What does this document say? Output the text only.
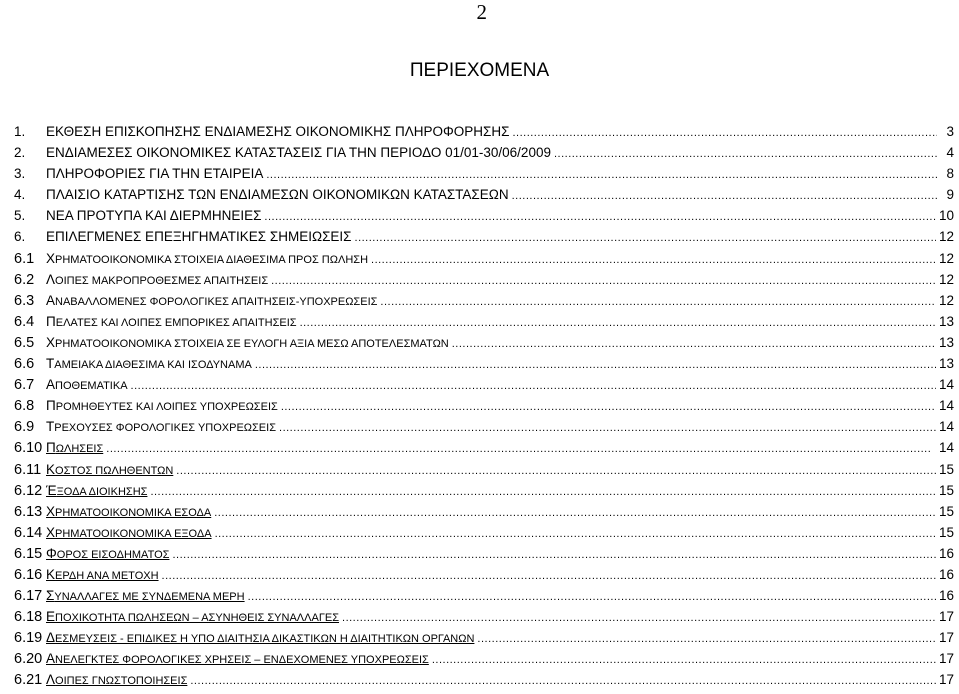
2
ΠΕΡΙΕΧΟΜΕΝΑ
1.	ΕΚΘΕΣΗ ΕΠΙΣΚΟΠΗΣΗΣ ΕΝΔΙΑΜΕΣΗΣ ΟΙΚΟΝΟΜΙΚΗΣ ΠΛΗΡΟΦΟΡΗΣΗΣ .....	3
2.	ΕΝΔΙΑΜΕΣΕΣ ΟΙΚΟΝΟΜΙΚΕΣ ΚΑΤΑΣΤΑΣΕΙΣ ΓΙΑ ΤΗΝ ΠΕΡΙΟΔΟ 01/01-30/06/2009 .....	4
3.	ΠΛΗΡΟΦΟΡΙΕΣ ΓΙΑ ΤΗΝ ΕΤΑΙΡΕΙΑ .....	8
4.	ΠΛΑΙΣΙΟ ΚΑΤΑΡΤΙΣΗΣ ΤΩΝ ΕΝΔΙΑΜΕΣΩΝ ΟΙΚΟΝΟΜΙΚΩΝ ΚΑΤΑΣΤΑΣΕΩΝ .....	9
5.	ΝΕΑ ΠΡΟΤΥΠΑ ΚΑΙ ΔΙΕΡΜΗΝΕΙΕΣ .....	10
6.	ΕΠΙΛΕΓΜΕΝΕΣ ΕΠΕΞΗΓΗΜΑΤΙΚΕΣ ΣΗΜΕΙΩΣΕΙΣ .....	12
6.1	ΧΡΗΜΑΤΟΟΙΚΟΝΟΜΙΚΑ ΣΤΟΙΧΕΙΑ ΔΙΑΘΕΣΙΜΑ ΠΡΟΣ ΠΩΛΗΣΗ .....	12
6.2	ΛΟΙΠΕΣ ΜΑΚΡΟΠΡΟΘΕΣΜΕΣ ΑΠΑΙΤΗΣΕΙΣ .....	12
6.3	ΑΝΑΒΑΛΛΟΜΕΝΕΣ ΦΟΡΟΛΟΓΙΚΕΣ ΑΠΑΙΤΗΣΕΙΣ-ΥΠΟΧΡΕΩΣΕΙΣ .....	12
6.4	ΠΕΛΑΤΕΣ ΚΑΙ ΛΟΙΠΕΣ ΕΜΠΟΡΙΚΕΣ ΑΠΑΙΤΗΣΕΙΣ .....	13
6.5	ΧΡΗΜΑΤΟΟΙΚΟΝΟΜΙΚΑ ΣΤΟΙΧΕΙΑ ΣΕ ΕΥΛΟΓΗ ΑΞΙΑ ΜΕΣΩ ΑΠΟΤΕΛΕΣΜΑΤΩΝ .....	13
6.6	ΤΑΜΕΙΑΚΑ ΔΙΑΘΕΣΙΜΑ ΚΑΙ ΙΣΟΔΥΝΑΜΑ .....	13
6.7	ΑΠΟΘΕΜΑΤΙΚΑ .....	14
6.8	ΠΡΟΜΗΘΕΥΤΕΣ ΚΑΙ ΛΟΙΠΕΣ ΥΠΟΧΡΕΩΣΕΙΣ .....	14
6.9	ΤΡΕΧΟΥΣΕΣ ΦΟΡΟΛΟΓΙΚΕΣ ΥΠΟΧΡΕΩΣΕΙΣ .....	14
6.10 ΠΩΛΗΣΕΙΣ .....	14
6.11 ΚΟΣΤΟΣ ΠΩΛΗΘΕΝΤΩΝ .....	15
6.12 ΈΞΟΔΑ ΔΙΟΙΚΗΣΗΣ .....	15
6.13 ΧΡΗΜΑΤΟΟΙΚΟΝΟΜΙΚΑ ΕΣΟΔΑ .....	15
6.14 ΧΡΗΜΑΤΟΟΙΚΟΝΟΜΙΚΑ ΕΞΟΔΑ .....	15
6.15 ΦΟΡΟΣ ΕΙΣΟΔΗΜΑΤΟΣ .....	16
6.16 ΚΕΡΔΗ ΑΝΑ ΜΕΤΟΧΗ .....	16
6.17 ΣΥΝΑΛΛΑΓΕΣ ΜΕ ΣΥΝΔΕΜΕΝΑ ΜΕΡΗ .....	16
6.18 ΕΠΟΧΙΚΟΤΗΤΑ ΠΩΛΗΣΕΩΝ – ΑΣΥΝΗΘΕΙΣ ΣΥΝΑΛΛΑΓΕΣ .....	17
6.19 ΔΕΣΜΕΥΣΕΙΣ - ΕΠΙΔΙΚΕΣ Η ΥΠΟ ΔΙΑΙΤΗΣΙΑ ΔΙΚΑΣΤΙΚΩΝ Η ΔΙΑΙΤΗΤΙΚΩΝ ΟΡΓΑΝΩΝ .....	17
6.20 ΑΝΕΛΕΓΚΤΕΣ ΦΟΡΟΛΟΓΙΚΕΣ ΧΡΗΣΕΙΣ – ΕΝΔΕΧΟΜΕΝΕΣ ΥΠΟΧΡΕΩΣΕΙΣ .....	17
6.21 ΛΟΙΠΕΣ ΓΝΩΣΤΟΠΟΙΗΣΕΙΣ .....	17
